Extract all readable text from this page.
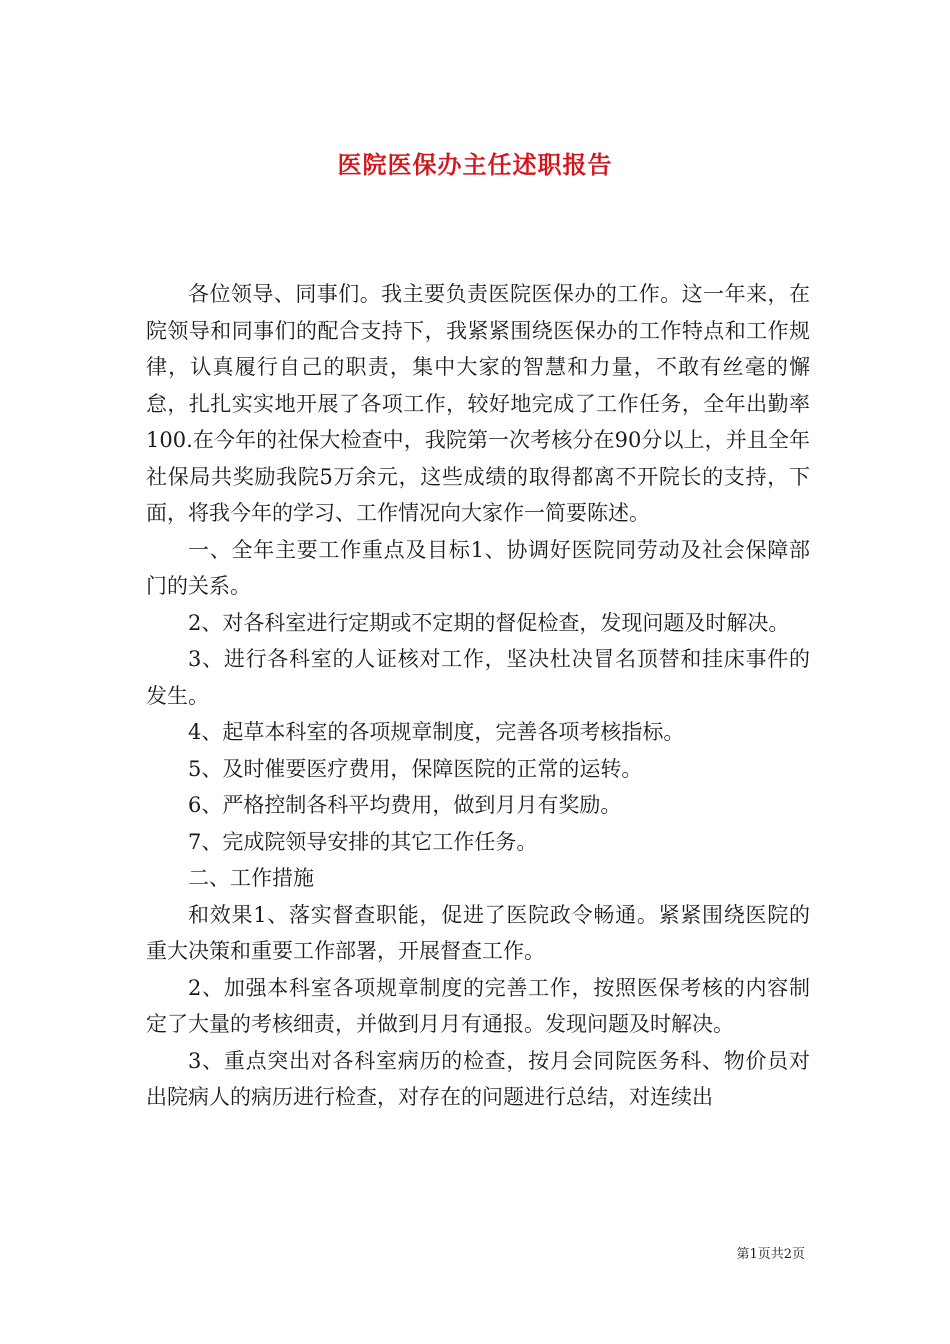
医院医保办主任述职报告

各位领导、同事们。我主要负责医院医保办的工作。这一年来，在院领导和同事们的配合支持下，我紧紧围绕医保办的工作特点和工作规律，认真履行自己的职责，集中大家的智慧和力量，不敢有丝毫的懈怠，扎扎实实地开展了各项工作，较好地完成了工作任务，全年出勤率100.在今年的社保大检查中，我院第一次考核分在90分以上，并且全年社保局共奖励我院5万余元，这些成绩的取得都离不开院长的支持，下面，将我今年的学习、工作情况向大家作一简要陈述。

一、全年主要工作重点及目标1、协调好医院同劳动及社会保障部门的关系。

2、对各科室进行定期或不定期的督促检查，发现问题及时解决。

3、进行各科室的人证核对工作，坚决杜决冒名顶替和挂床事件的发生。

4、起草本科室的各项规章制度，完善各项考核指标。

5、及时催要医疗费用，保障医院的正常的运转。

6、严格控制各科平均费用，做到月月有奖励。

7、完成院领导安排的其它工作任务。

二、工作措施

和效果1、落实督查职能，促进了医院政令畅通。紧紧围绕医院的重大决策和重要工作部署，开展督查工作。

2、加强本科室各项规章制度的完善工作，按照医保考核的内容制定了大量的考核细责，并做到月月有通报。发现问题及时解决。

3、重点突出对各科室病历的检查，按月会同院医务科、物价员对出院病人的病历进行检查，对存在的问题进行总结，对连续出

第1页共2页
